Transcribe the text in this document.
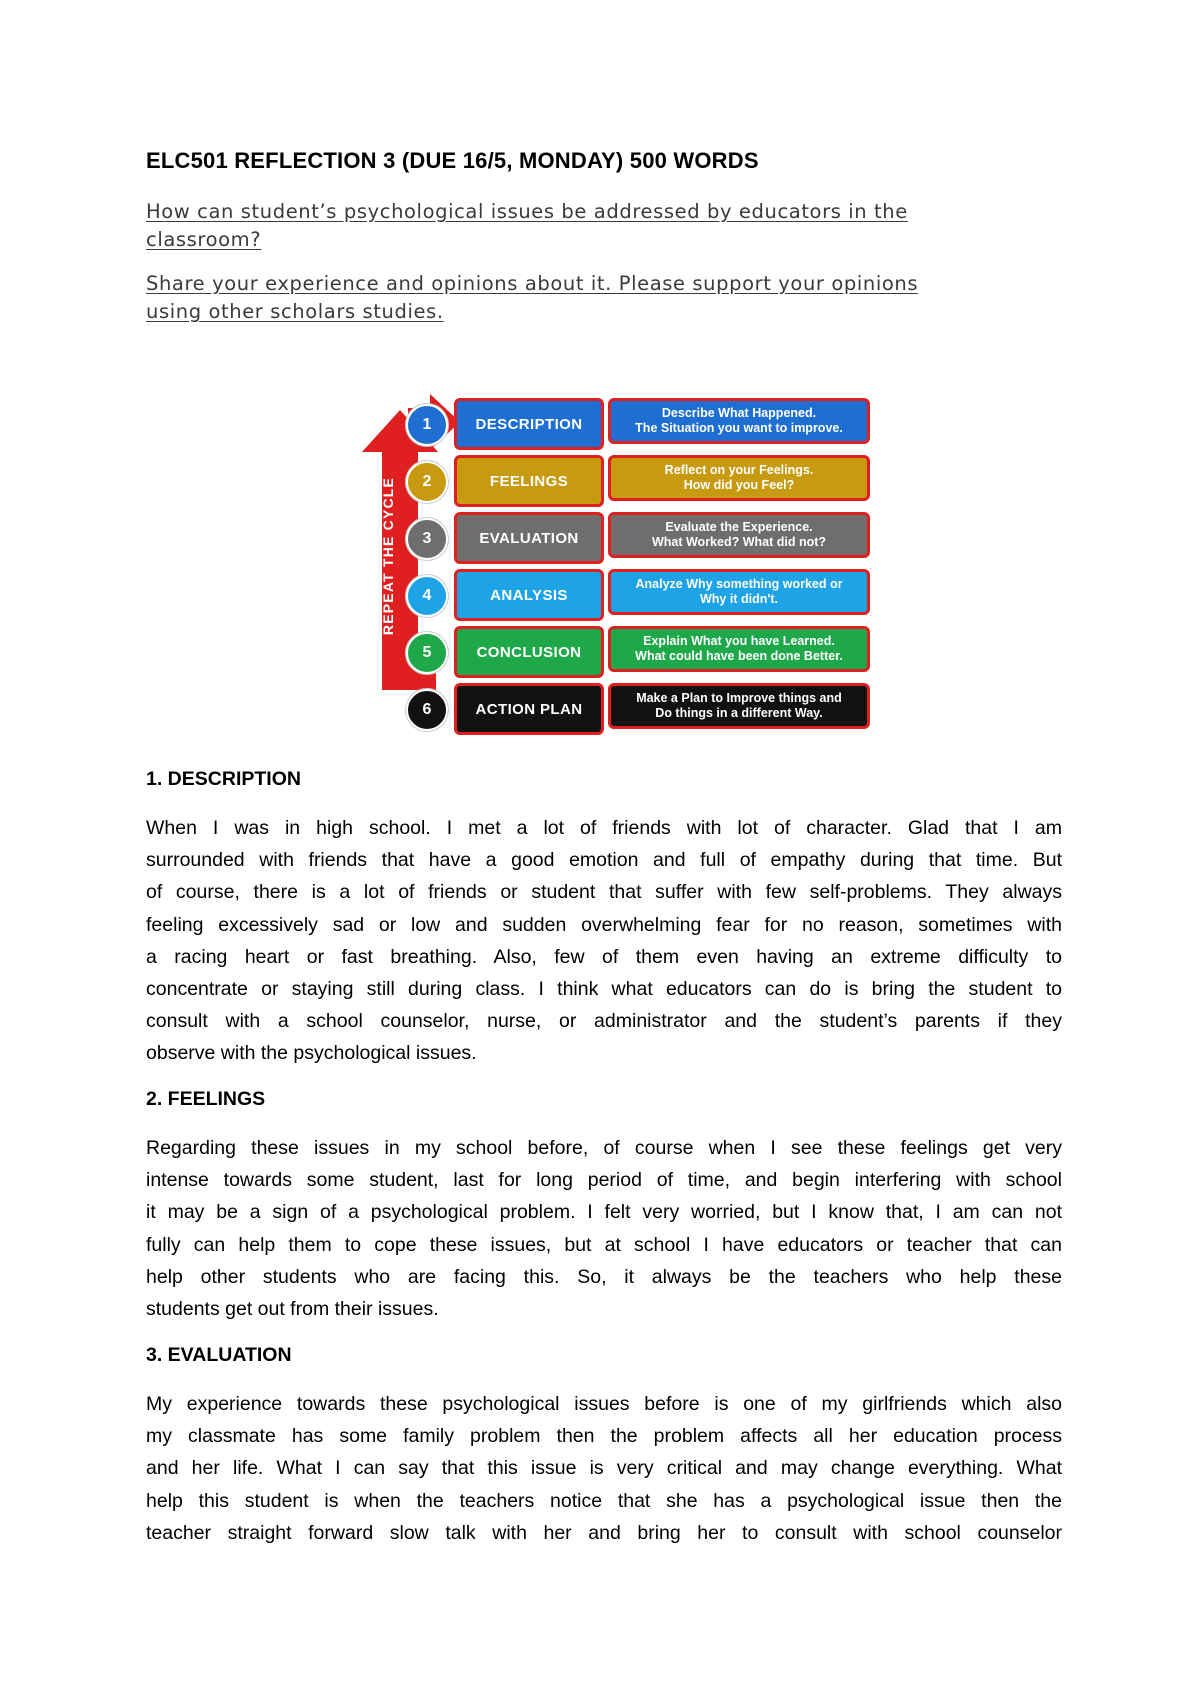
ELC501 REFLECTION 3 (DUE 16/5, MONDAY) 500 WORDS
How can student’s psychological issues be addressed by educators in the
classroom?
Share your experience and opinions about it. Please support your opinions
using other scholars studies.
REPEAT THE CYCLE
1	DESCRIPTION
Describe What Happened.
The Situation you want to improve.
2	FEELINGS
Reflect on your Feelings.
How did you Feel?
3	EVALUATION
Evaluate the Experience.
What Worked? What did not?
4	ANALYSIS
Analyze Why something worked or
Why it didn't.
5	CONCLUSION
Explain What you have Learned.
What could have been done Better.
6	ACTION PLAN
Make a Plan to Improve things and
Do things in a different Way.
1. DESCRIPTION
When I was in high school. I met a lot of friends with lot of character. Glad that I am
surrounded with friends that have a good emotion and full of empathy during that time. But
of course, there is a lot of friends or student that suffer with few self-problems. They always
feeling excessively sad or low and sudden overwhelming fear for no reason, sometimes with
a racing heart or fast breathing. Also, few of them even having an extreme difficulty to
concentrate or staying still during class. I think what educators can do is bring the student to
consult with a school counselor, nurse, or administrator and the student’s parents if they
observe with the psychological issues.
2. FEELINGS
Regarding these issues in my school before, of course when I see these feelings get very
intense towards some student, last for long period of time, and begin interfering with school
it may be a sign of a psychological problem. I felt very worried, but I know that, I am can not
fully can help them to cope these issues, but at school I have educators or teacher that can
help other students who are facing this. So, it always be the teachers who help these
students get out from their issues.
3. EVALUATION
My experience towards these psychological issues before is one of my girlfriends which also
my classmate has some family problem then the problem affects all her education process
and her life. What I can say that this issue is very critical and may change everything. What
help this student is when the teachers notice that she has a psychological issue then the
teacher straight forward slow talk with her and bring her to consult with school counselor
